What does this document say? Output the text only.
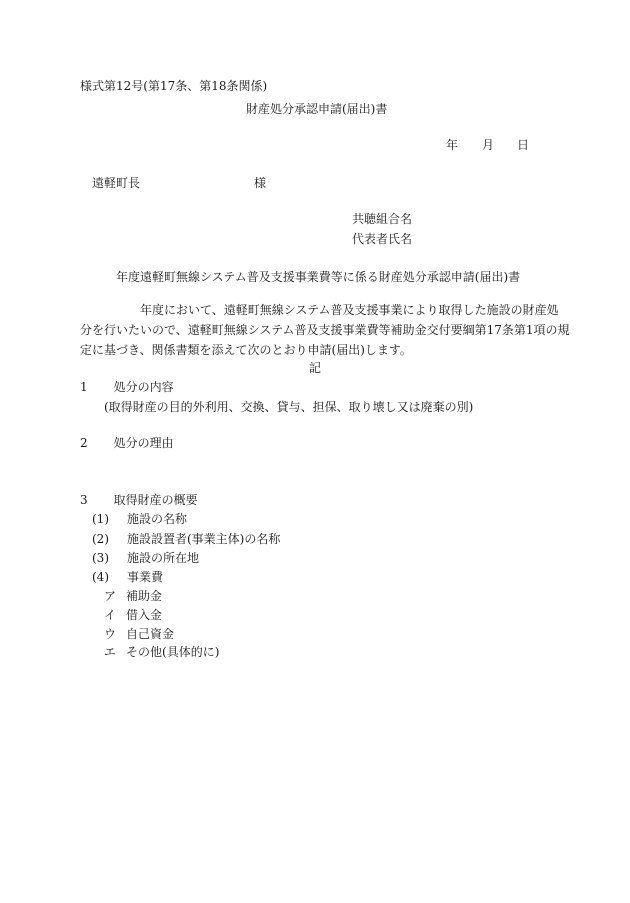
様式第12号(第17条、第18条関係)
財産処分承認申請(届出)書
年 月 日
遠軽町長	様
共聴組合名
代表者氏名
年度遠軽町無線システム普及支援事業費等に係る財産処分承認申請(届出)書
年度において、遠軽町無線システム普及支援事業により取得した施設の財産処
分を行いたいので、遠軽町無線システム普及支援事業費等補助金交付要綱第17条第1項の規
定に基づき、関係書類を添えて次のとおり申請(届出)します。
記
1 処分の内容
(取得財産の目的外利用、交換、貸与、担保、取り壊し又は廃棄の別)
2 処分の理由
3 取得財産の概要
(1) 施設の名称
(2) 施設設置者(事業主体)の名称
(3) 施設の所在地
(4) 事業費
ア 補助金
イ 借入金
ウ 自己資金
エ その他(具体的に)
